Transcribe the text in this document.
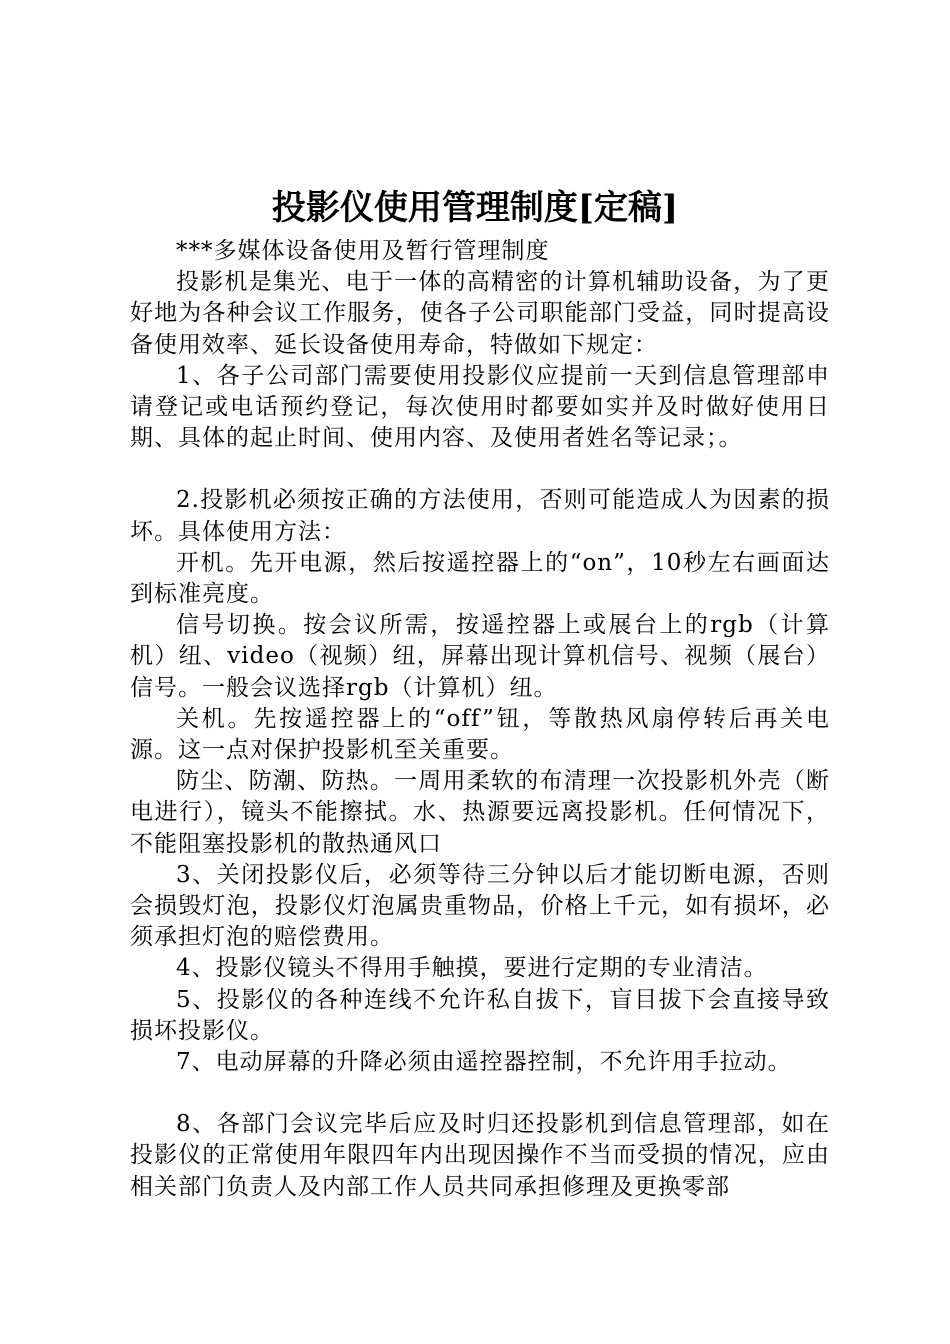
投影仪使用管理制度[定稿]

***多媒体设备使用及暂行管理制度

投影机是集光、电于一体的高精密的计算机辅助设备，为了更好地为各种会议工作服务，使各子公司职能部门受益，同时提高设备使用效率、延长设备使用寿命，特做如下规定：

1、各子公司部门需要使用投影仪应提前一天到信息管理部申请登记或电话预约登记，每次使用时都要如实并及时做好使用日期、具体的起止时间、使用内容、及使用者姓名等记录；。

2.投影机必须按正确的方法使用，否则可能造成人为因素的损坏。具体使用方法：

开机。先开电源，然后按遥控器上的“on”，10秒左右画面达到标准亮度。

信号切换。按会议所需，按遥控器上或展台上的rgb（计算机）纽、video（视频）纽，屏幕出现计算机信号、视频（展台）信号。一般会议选择rgb（计算机）纽。

关机。先按遥控器上的“off”钮，等散热风扇停转后再关电源。这一点对保护投影机至关重要。

防尘、防潮、防热。一周用柔软的布清理一次投影机外壳（断电进行），镜头不能擦拭。水、热源要远离投影机。任何情况下，不能阻塞投影机的散热通风口

3、关闭投影仪后，必须等待三分钟以后才能切断电源，否则会损毁灯泡，投影仪灯泡属贵重物品，价格上千元，如有损坏，必须承担灯泡的赔偿费用。

4、投影仪镜头不得用手触摸，要进行定期的专业清洁。

5、投影仪的各种连线不允许私自拔下，盲目拔下会直接导致损坏投影仪。

7、电动屏幕的升降必须由遥控器控制，不允许用手拉动。

8、各部门会议完毕后应及时归还投影机到信息管理部，如在投影仪的正常使用年限四年内出现因操作不当而受损的情况，应由相关部门负责人及内部工作人员共同承担修理及更换零部
